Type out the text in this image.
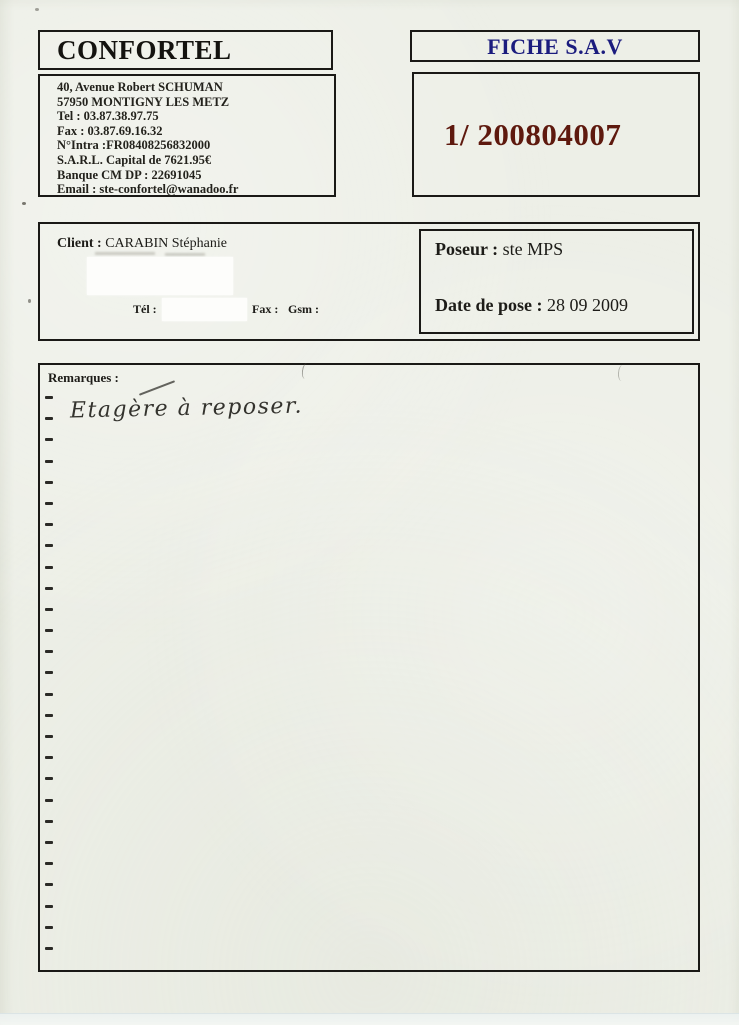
CONFORTEL
40, Avenue Robert SCHUMAN
57950 MONTIGNY LES METZ
Tel : 03.87.38.97.75
Fax : 03.87.69.16.32
N°Intra :FR08408256832000
S.A.R.L. Capital de 7621.95€
Banque CM DP : 22691045
Email : ste-confortel@wanadoo.fr
FICHE S.A.V
1/ 200804007
Client : CARABIN Stéphanie
Tél :	Fax : Gsm :
Poseur : ste MPS
Date de pose : 28 09 2009
Remarques :
Etagère à reposer.
